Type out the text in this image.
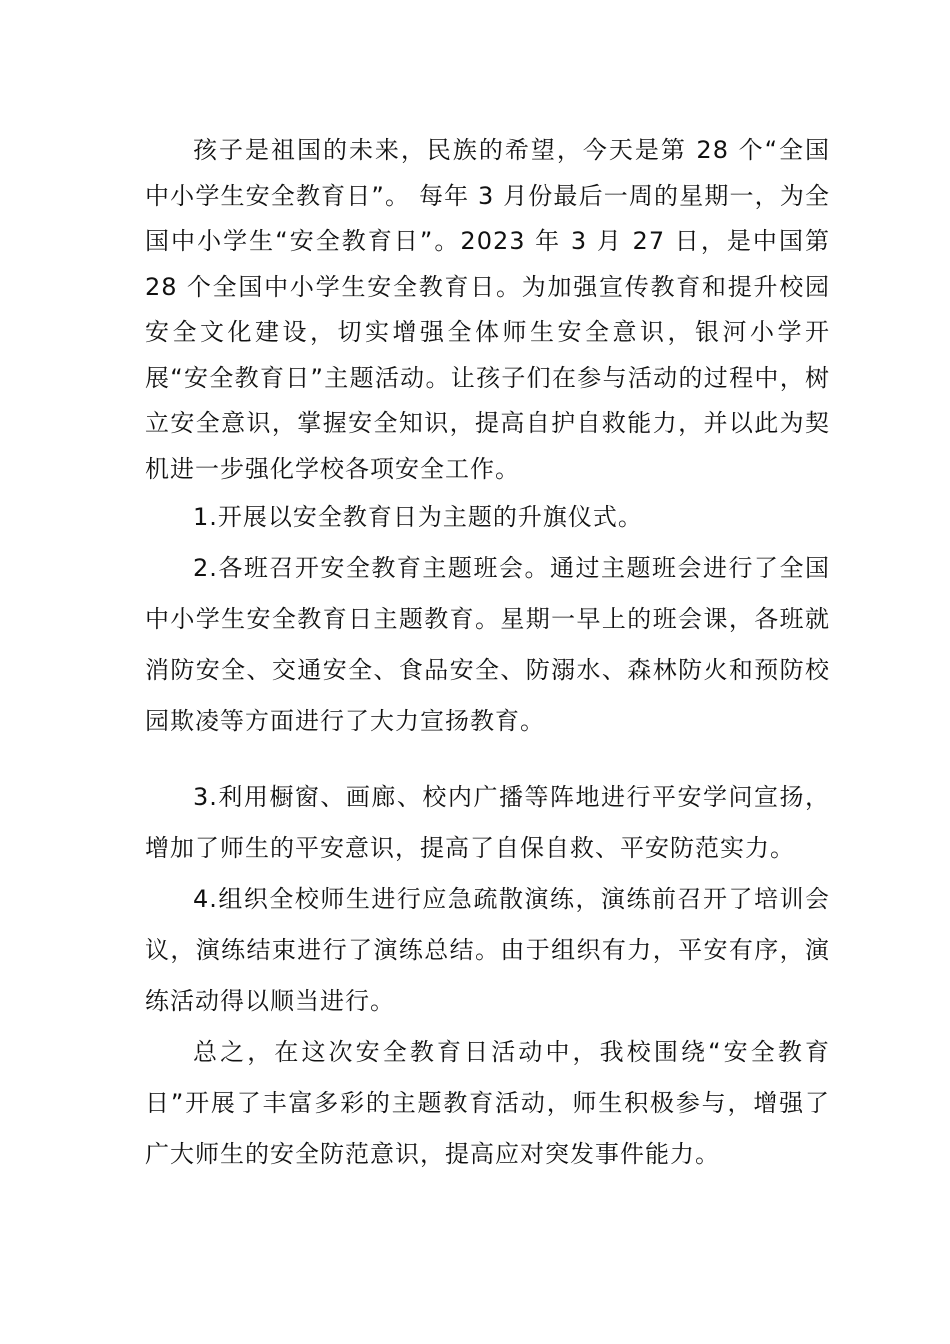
孩子是祖国的未来，民族的希望，今天是第 28 个“全国中小学生安全教育日”。 每年 3 月份最后一周的星期一，为全国中小学生“安全教育日”。2023 年 3 月 27 日，是中国第 28 个全国中小学生安全教育日。为加强宣传教育和提升校园安全文化建设，切实增强全体师生安全意识，银河小学开展“安全教育日”主题活动。让孩子们在参与活动的过程中，树立安全意识，掌握安全知识，提高自护自救能力，并以此为契机进一步强化学校各项安全工作。

1.开展以安全教育日为主题的升旗仪式。

2.各班召开安全教育主题班会。通过主题班会进行了全国中小学生安全教育日主题教育。星期一早上的班会课，各班就消防安全、交通安全、食品安全、防溺水、森林防火和预防校园欺凌等方面进行了大力宣扬教育。

3.利用橱窗、画廊、校内广播等阵地进行平安学问宣扬，增加了师生的平安意识，提高了自保自救、平安防范实力。

4.组织全校师生进行应急疏散演练，演练前召开了培训会议，演练结束进行了演练总结。由于组织有力，平安有序，演练活动得以顺当进行。

总之，在这次安全教育日活动中，我校围绕“安全教育日”开展了丰富多彩的主题教育活动，师生积极参与，增强了广大师生的安全防范意识，提高应对突发事件能力。
